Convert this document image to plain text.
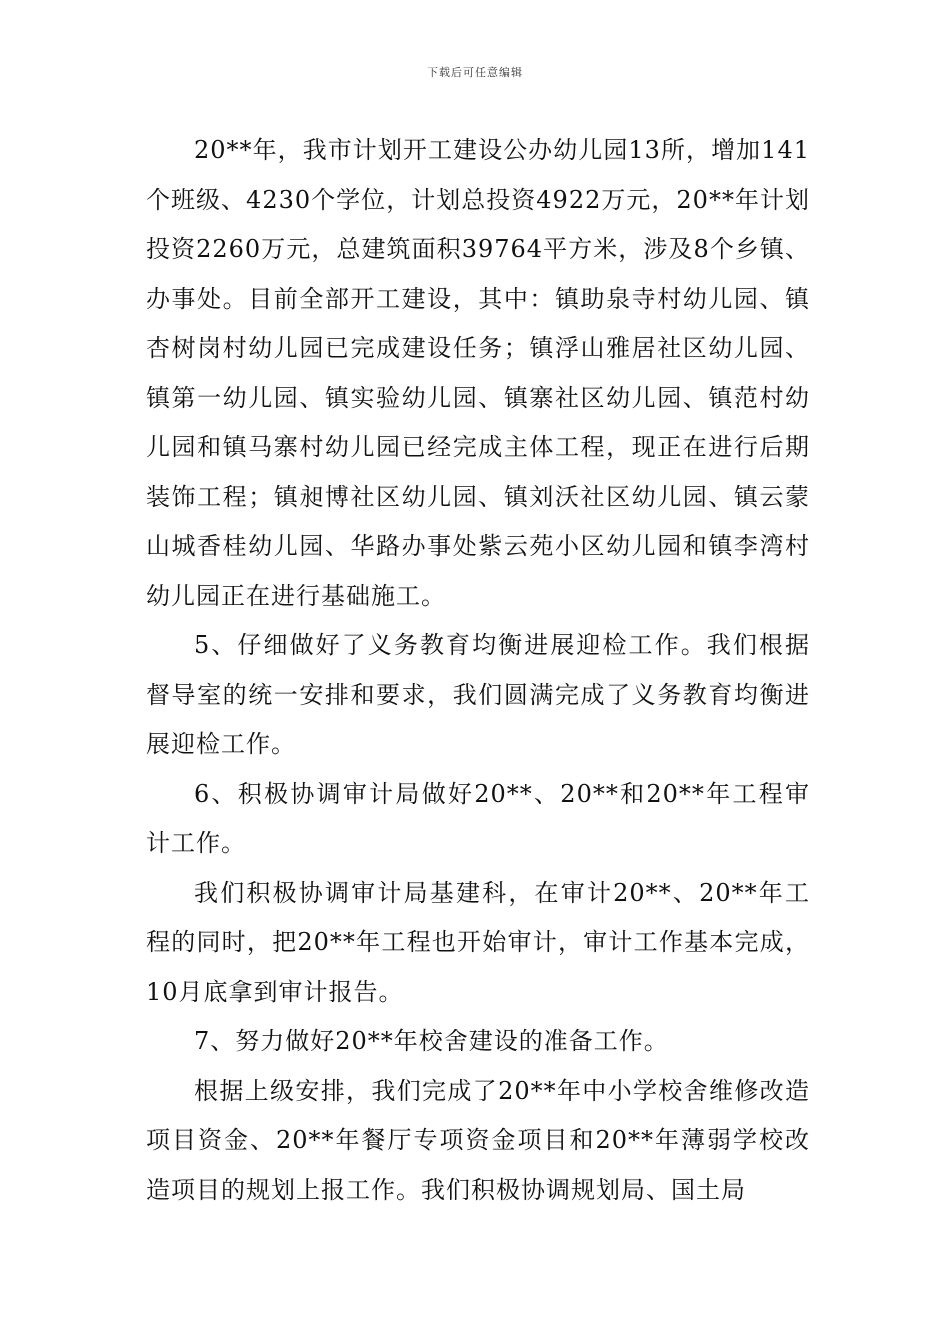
下载后可任意编辑

20**年，我市计划开工建设公办幼儿园13所，增加141个班级、4230个学位，计划总投资4922万元，20**年计划投资2260万元，总建筑面积39764平方米，涉及8个乡镇、办事处。目前全部开工建设，其中：镇助泉寺村幼儿园、镇杏树岗村幼儿园已完成建设任务；镇浮山雅居社区幼儿园、镇第一幼儿园、镇实验幼儿园、镇寨社区幼儿园、镇范村幼儿园和镇马寨村幼儿园已经完成主体工程，现正在进行后期装饰工程；镇昶博社区幼儿园、镇刘沃社区幼儿园、镇云蒙山城香桂幼儿园、华路办事处紫云苑小区幼儿园和镇李湾村幼儿园正在进行基础施工。

5、仔细做好了义务教育均衡进展迎检工作。我们根据督导室的统一安排和要求，我们圆满完成了义务教育均衡进展迎检工作。

6、积极协调审计局做好20**、20**和20**年工程审计工作。

我们积极协调审计局基建科，在审计20**、20**年工程的同时，把20**年工程也开始审计，审计工作基本完成，10月底拿到审计报告。

7、努力做好20**年校舍建设的准备工作。

根据上级安排，我们完成了20**年中小学校舍维修改造项目资金、20**年餐厅专项资金项目和20**年薄弱学校改造项目的规划上报工作。我们积极协调规划局、国土局
